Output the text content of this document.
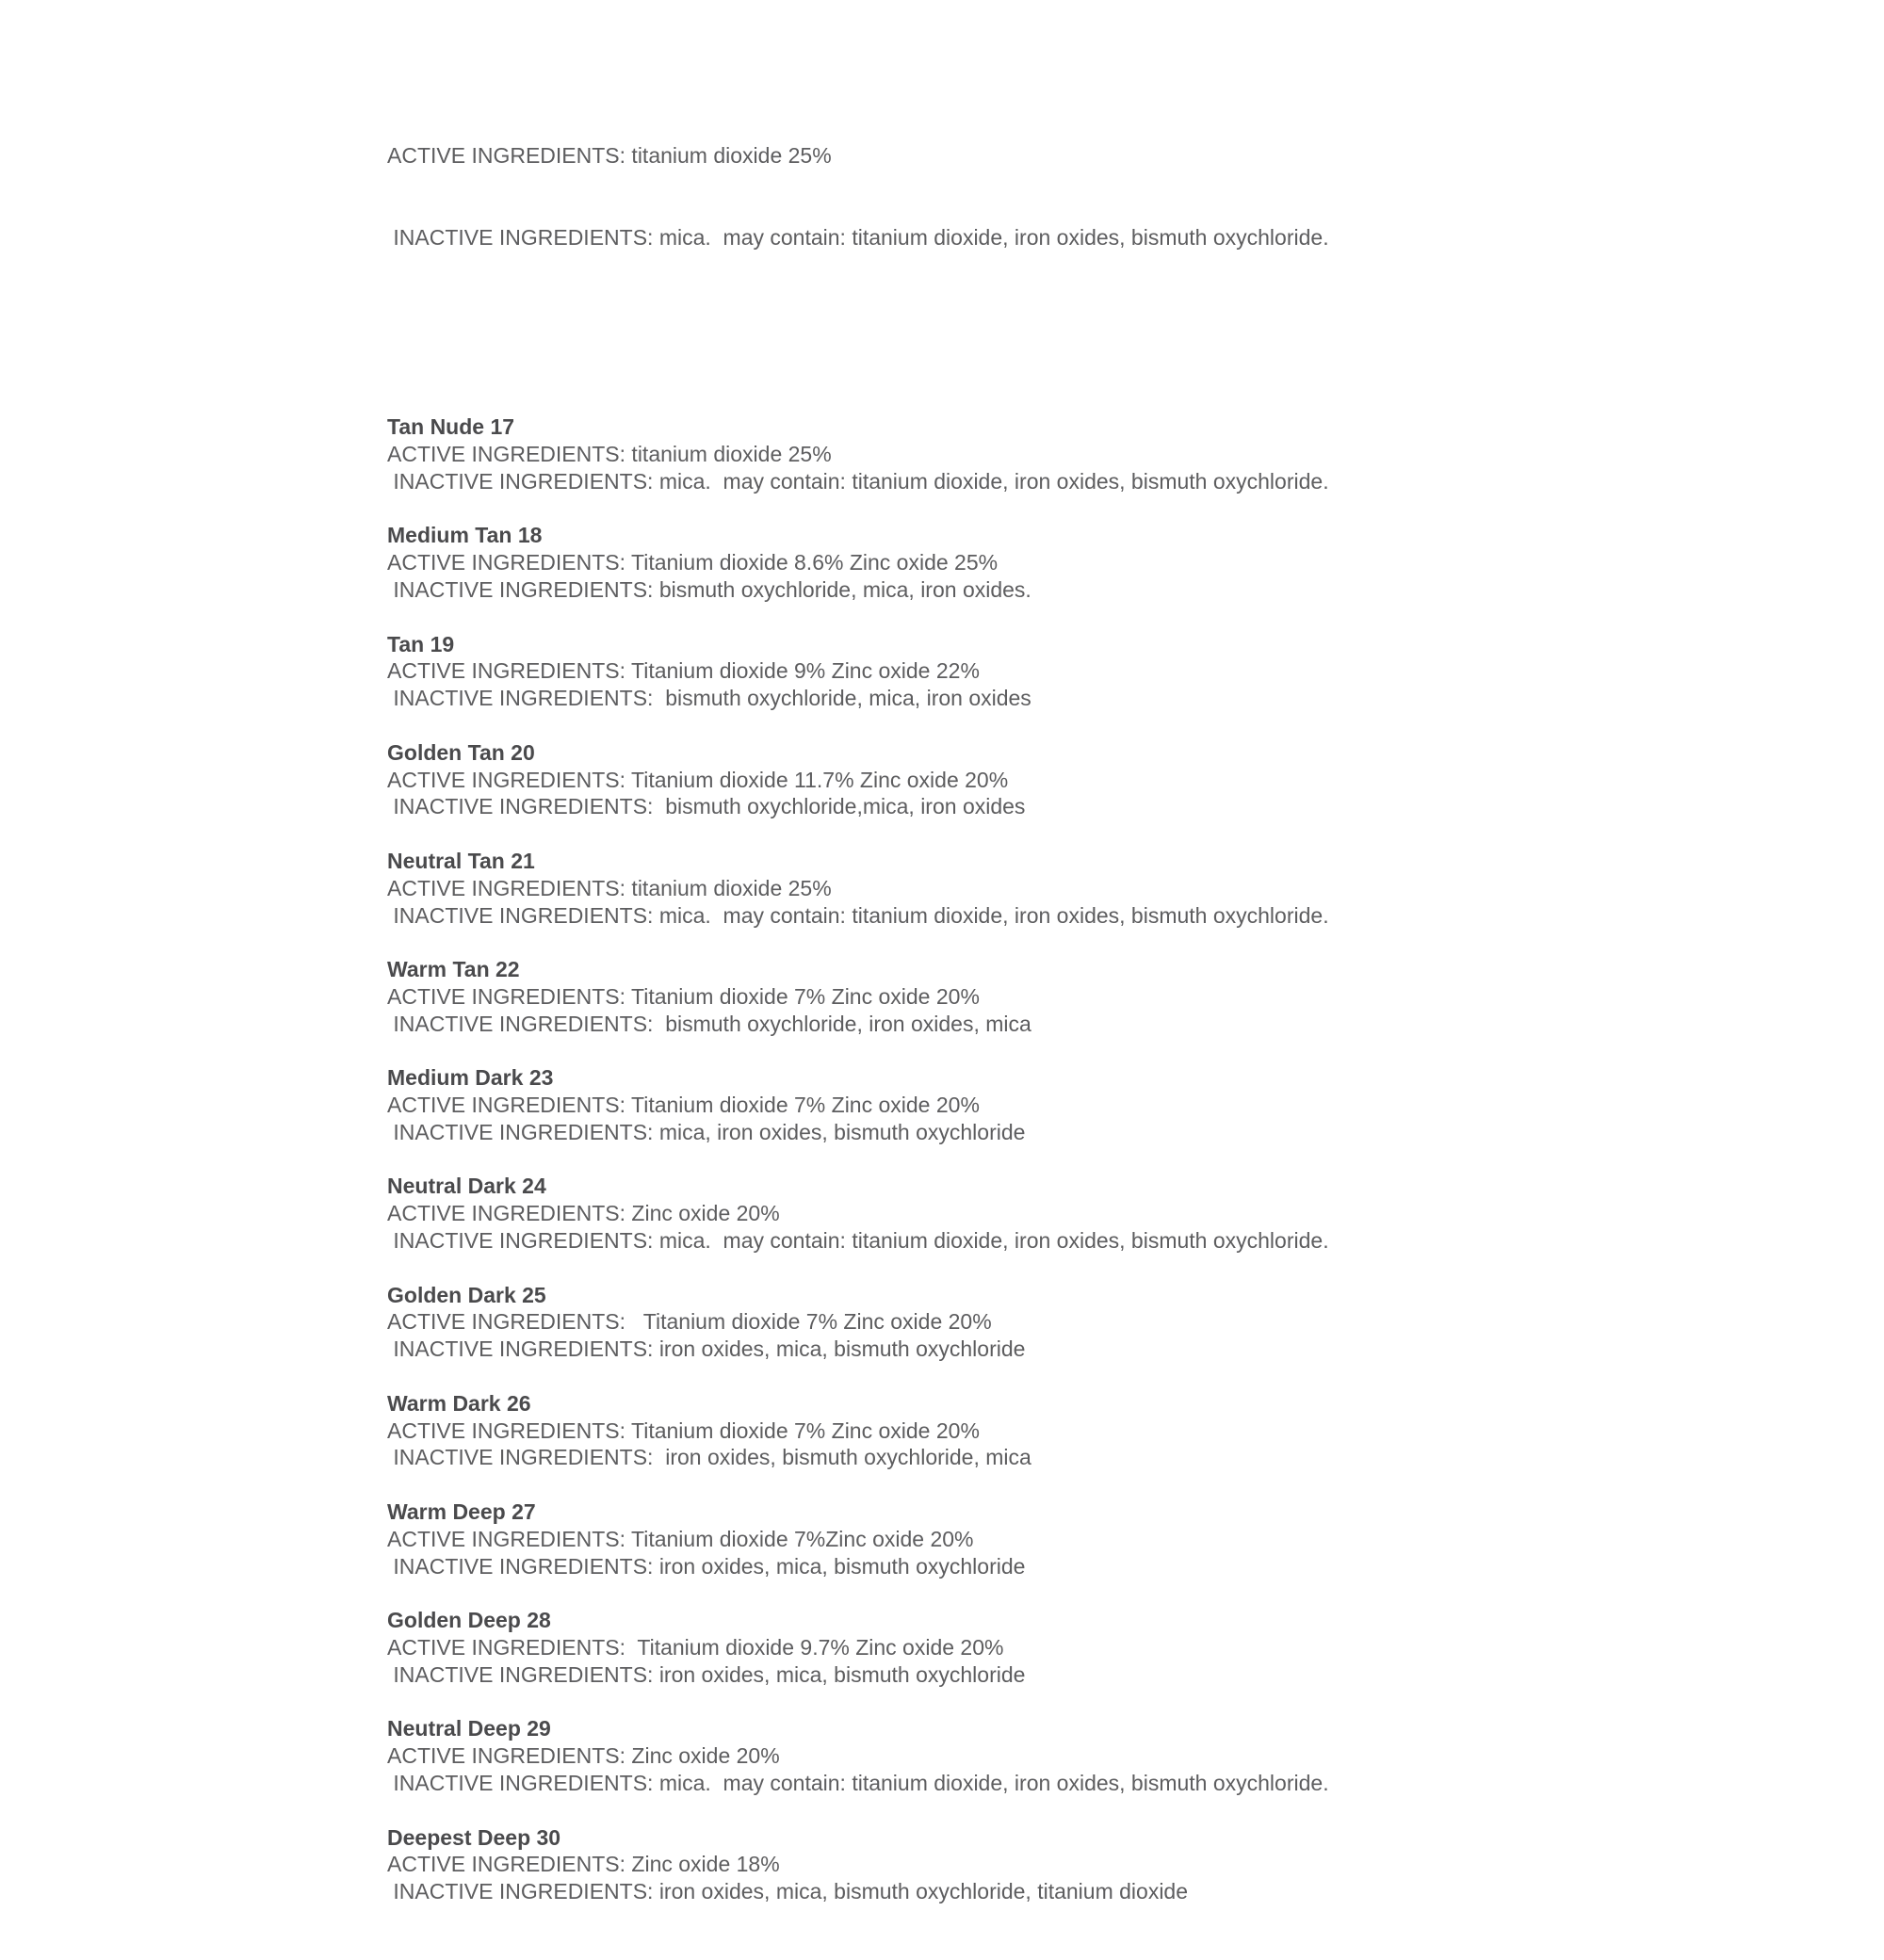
ACTIVE INGREDIENTS: titanium dioxide 25%

INACTIVE INGREDIENTS: mica.  may contain: titanium dioxide, iron oxides, bismuth oxychloride.

Tan Nude 17
ACTIVE INGREDIENTS: titanium dioxide 25%
INACTIVE INGREDIENTS: mica.  may contain: titanium dioxide, iron oxides, bismuth oxychloride.
Medium Tan 18
ACTIVE INGREDIENTS: Titanium dioxide 8.6% Zinc oxide 25%
INACTIVE INGREDIENTS: bismuth oxychloride, mica, iron oxides.
Tan 19
ACTIVE INGREDIENTS: Titanium dioxide 9% Zinc oxide 22%
INACTIVE INGREDIENTS:  bismuth oxychloride, mica, iron oxides
Golden Tan 20
ACTIVE INGREDIENTS: Titanium dioxide 11.7% Zinc oxide 20%
INACTIVE INGREDIENTS:  bismuth oxychloride,mica, iron oxides
Neutral Tan 21
ACTIVE INGREDIENTS: titanium dioxide 25%
INACTIVE INGREDIENTS: mica.  may contain: titanium dioxide, iron oxides, bismuth oxychloride.
Warm Tan 22
ACTIVE INGREDIENTS: Titanium dioxide 7% Zinc oxide 20%
INACTIVE INGREDIENTS:  bismuth oxychloride, iron oxides, mica
Medium Dark 23
ACTIVE INGREDIENTS: Titanium dioxide 7% Zinc oxide 20%
INACTIVE INGREDIENTS: mica, iron oxides, bismuth oxychloride
Neutral Dark 24
ACTIVE INGREDIENTS: Zinc oxide 20%
INACTIVE INGREDIENTS: mica.  may contain: titanium dioxide, iron oxides, bismuth oxychloride.
Golden Dark 25
ACTIVE INGREDIENTS:   Titanium dioxide 7% Zinc oxide 20%
INACTIVE INGREDIENTS: iron oxides, mica, bismuth oxychloride
Warm Dark 26
ACTIVE INGREDIENTS: Titanium dioxide 7% Zinc oxide 20%
INACTIVE INGREDIENTS:  iron oxides, bismuth oxychloride, mica
Warm Deep 27
ACTIVE INGREDIENTS: Titanium dioxide 7%Zinc oxide 20%
INACTIVE INGREDIENTS: iron oxides, mica, bismuth oxychloride
Golden Deep 28
ACTIVE INGREDIENTS:  Titanium dioxide 9.7% Zinc oxide 20%
INACTIVE INGREDIENTS: iron oxides, mica, bismuth oxychloride
Neutral Deep 29
ACTIVE INGREDIENTS: Zinc oxide 20%
INACTIVE INGREDIENTS: mica.  may contain: titanium dioxide, iron oxides, bismuth oxychloride.
Deepest Deep 30
ACTIVE INGREDIENTS: Zinc oxide 18%
INACTIVE INGREDIENTS: iron oxides, mica, bismuth oxychloride, titanium dioxide
